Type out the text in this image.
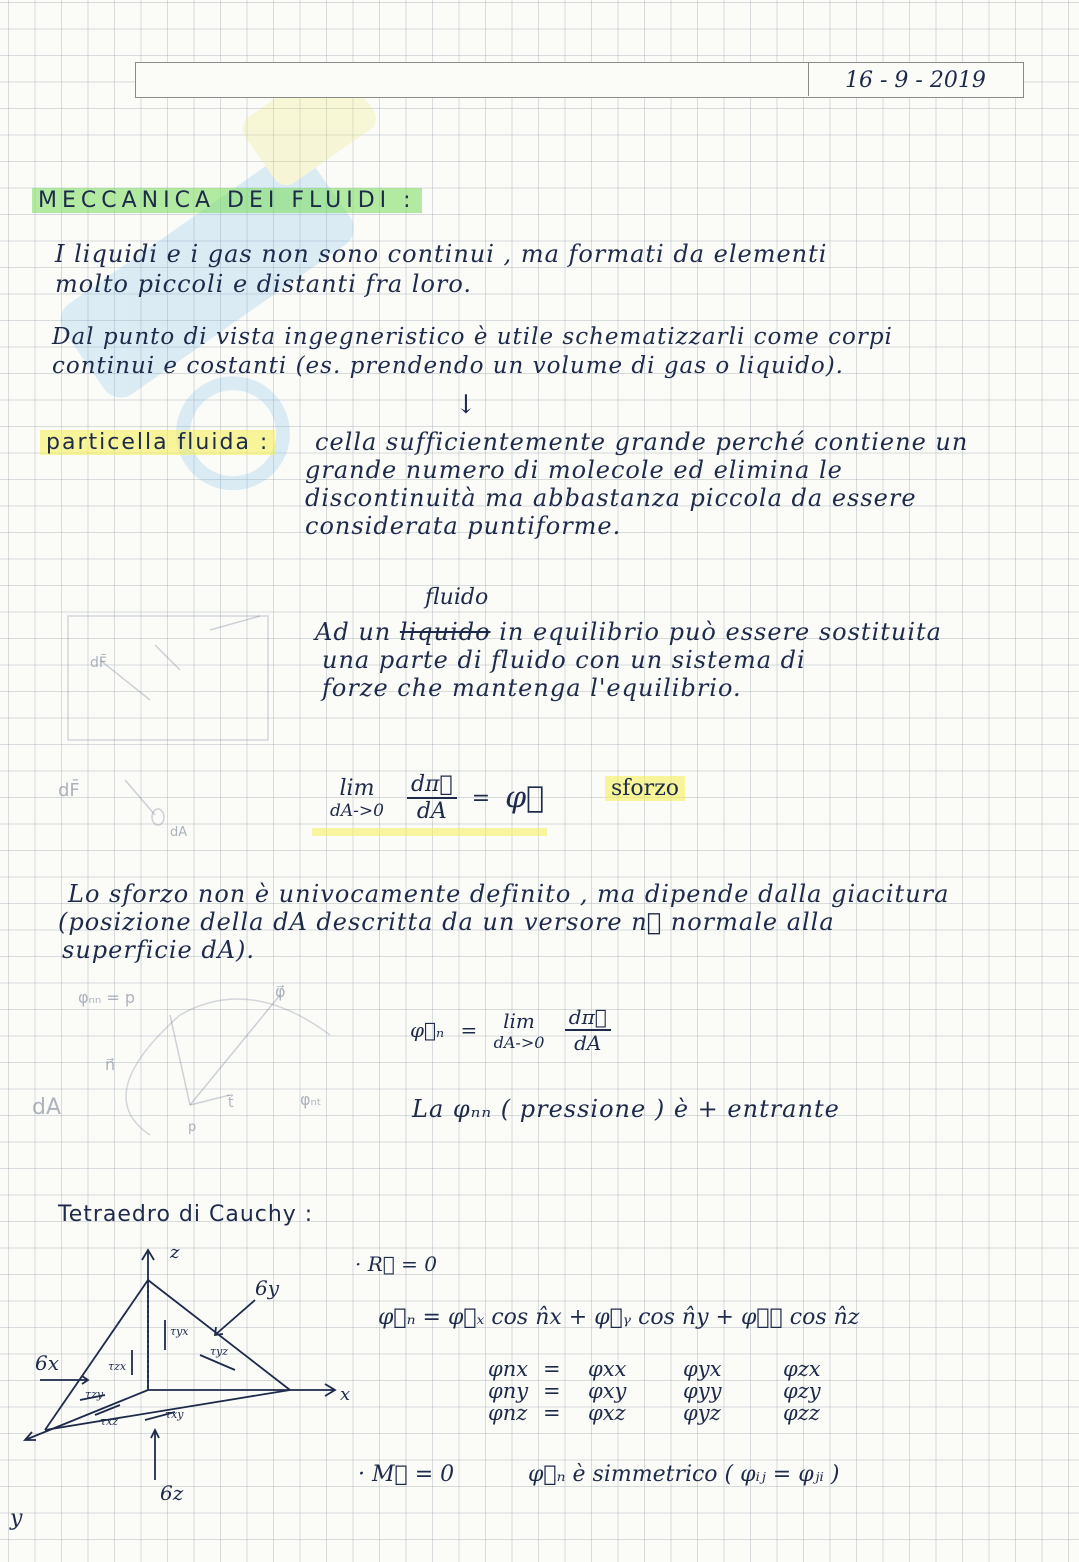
16 - 9 - 2019
MECCANICA DEI FLUIDI :
I liquidi e i gas non sono continui , ma formati da elementi
molto piccoli e distanti fra loro.
Dal punto di vista ingegneristico è utile schematizzarli come corpi
continui e costanti (es. prendendo un volume di gas o liquido).
↓
particella fluida : cella sufficientemente grande perché contiene un
grande numero di molecole ed elimina le
discontinuità ma abbastanza piccola da essere
considerata puntiforme.
dF̄
dF̄
dA
fluido
Ad un liquido in equilibrio può essere sostituita
una parte di fluido con un sistema di
forze che mantenga l'equilibrio.
lim
dA->0
$\frac{d\pi⃗}{dA}$ = φ⃗	sforzo
Lo sforzo non è univocamente definito , ma dipende dalla giacitura
(posizione della dA descritta da un versore n⃗ normale alla
superficie dA).
φₙₙ = p
n⃗
dA	t⃗	φₙₜ
p
φ⃗
φ⃗ₙ =	lim
dA->0
$\frac{d\pi⃗}{dA}$
La φₙₙ ( pressione ) è + entrante
Tetraedro di Cauchy :
z
x
y
6x
6y
6z
τzx
τyx
τyz
τzy
τxy
τxz
· R⃗ = 0
φ⃗ₙ = φ⃗ₓ cos n̂x + φ⃗ᵧ cos n̂y + φ⃗𝓏 cos n̂z
φnx = φxx	φyx	φzx
φny = φxy	φyy	φzy
φnz = φxz	φyz	φzz
· M⃗ = 0	φ⃗ₙ è simmetrico ( φᵢⱼ = φⱼᵢ )
